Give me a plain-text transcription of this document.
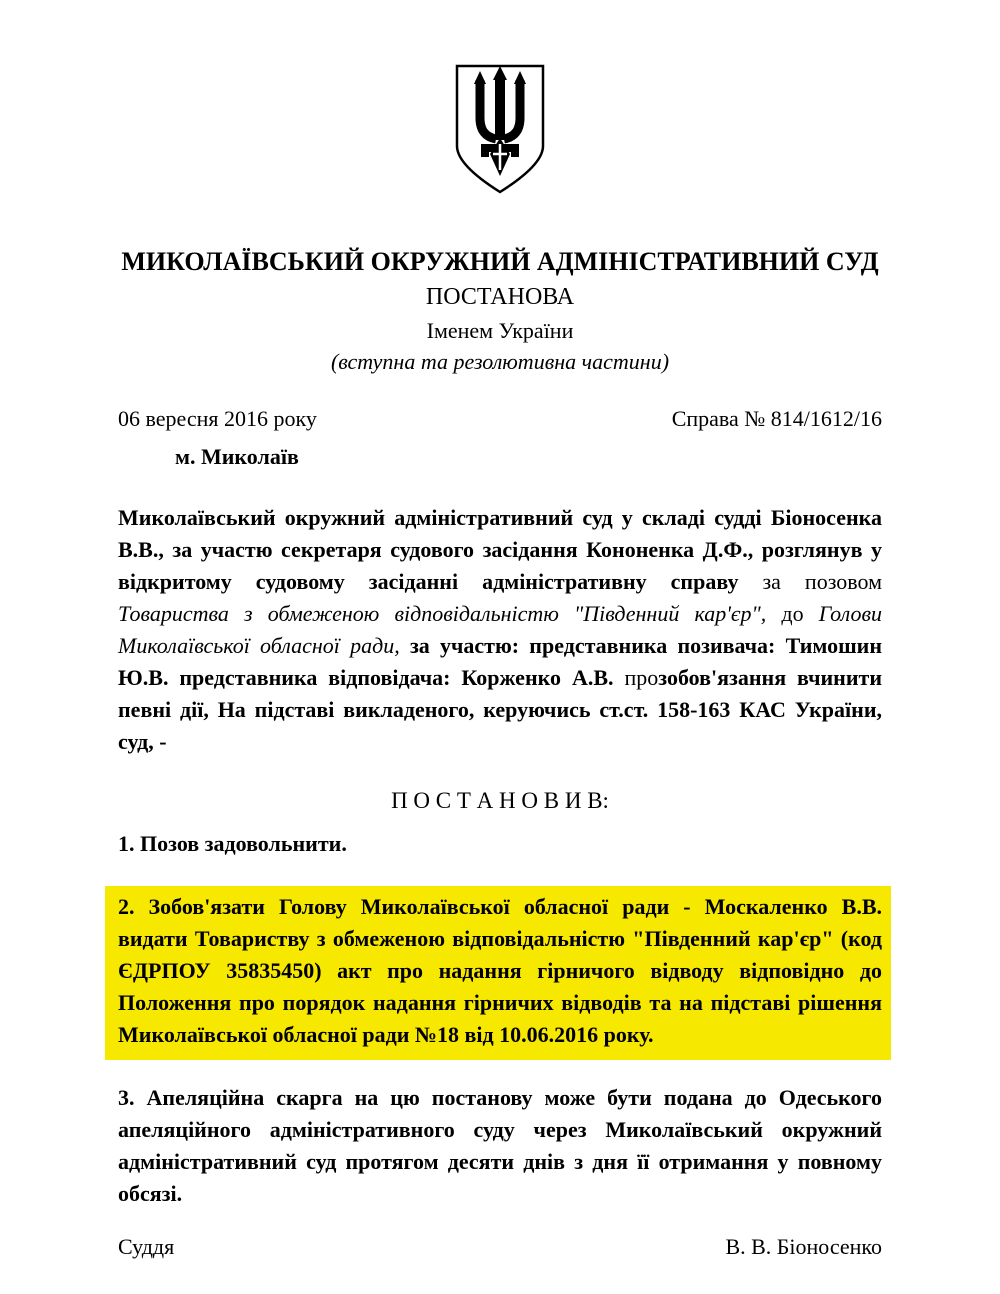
МИКОЛАЇВСЬКИЙ ОКРУЖНИЙ АДМІНІСТРАТИВНИЙ СУД
ПОСТАНОВА
Іменем України
(вступна та резолютивна частини)
06 вересня 2016 року	Справа № 814/1612/16
м. Миколаїв
Миколаївський окружний адміністративний суд у складі судді Біоносенка В.В., за участю секретаря судового засідання Кононенка Д.Ф., розглянув у відкритому судовому засіданні адміністративну справу за позовом Товариства з обмеженою відповідальністю "Південний кар'єр", до Голови Миколаївської обласної ради, за участю: представника позивача: Тимошин Ю.В. представника відповідача: Корженко А.В. прозобов'язання вчинити певні дії, На підставі викладеного, керуючись ст.ст. 158-163 КАС України, суд, -
П О С Т А Н О В И В:
1. Позов задовольнити.
2. Зобов'язати Голову Миколаївської обласної ради - Москаленко В.В. видати Товариству з обмеженою відповідальністю "Південний кар'єр" (код ЄДРПОУ 35835450) акт про надання гірничого відводу відповідно до Положення про порядок надання гірничих відводів та на підставі рішення Миколаївської обласної ради №18 від 10.06.2016 року.
3. Апеляційна скарга на цю постанову може бути подана до Одеського апеляційного адміністративного суду через Миколаївський окружний адміністративний суд протягом десяти днів з дня її отримання у повному обсязі.
Суддя	В. В. Біоносенко
